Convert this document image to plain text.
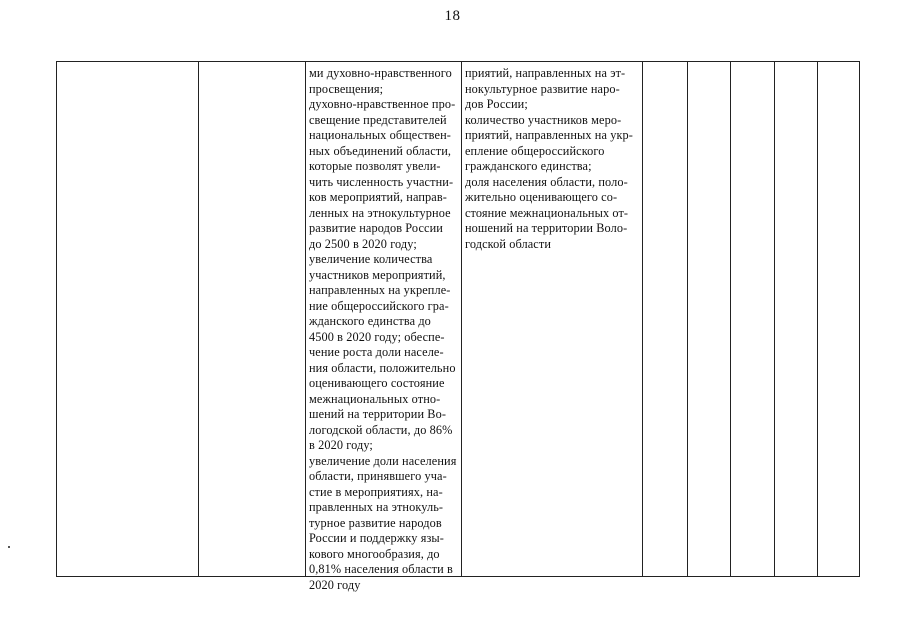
18
ми духовно-нравственного
просвещения;
духовно-нравственное про-
свещение представителей
национальных обществен-
ных объединений области,
которые позволят увели-
чить численность участни-
ков мероприятий, направ-
ленных на этнокультурное
развитие народов России
до 2500 в 2020 году;
увеличение количества
участников мероприятий,
направленных на укрепле-
ние общероссийского гра-
жданского единства до
4500 в 2020 году; обеспе-
чение роста доли населе-
ния области, положительно
оценивающего состояние
межнациональных отно-
шений на территории Во-
логодской области, до 86%
в 2020 году;
увеличение доли населения
области, принявшего уча-
стие в мероприятиях, на-
правленных на этнокуль-
турное развитие народов
России и поддержку язы-
кового многообразия, до
0,81% населения области в
2020 году
приятий, направленных на эт-
нокультурное развитие наро-
дов России;
количество участников меро-
приятий, направленных на укр-
епление общероссийского
гражданского единства;
доля населения области, поло-
жительно оценивающего со-
стояние межнациональных от-
ношений на территории Воло-
годской области
